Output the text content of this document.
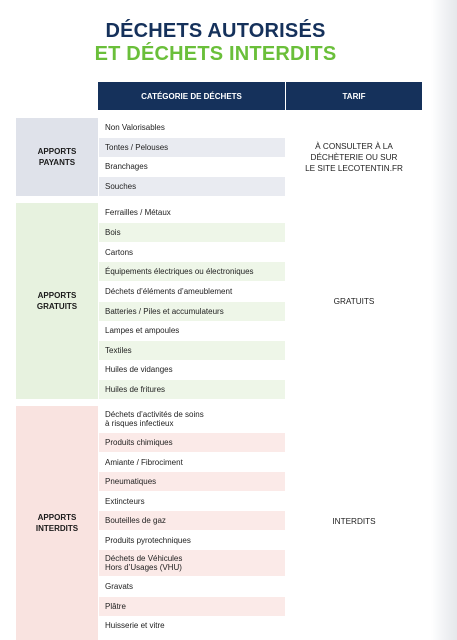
DÉCHETS AUTORISÉS
ET DÉCHETS INTERDITS
CATÉGORIE DE DÉCHETS	TARIF
APPORTS
PAYANTS
Non Valorisables
Tontes / Pelouses
Branchages
Souches
À CONSULTER À LA
DÉCHÈTERIE OU SUR
LE SITE LECOTENTIN.FR
APPORTS
GRATUITS
Ferrailles / Métaux
Bois
Cartons
Équipements électriques ou électroniques
Déchets d’éléments d’ameublement
Batteries / Piles et accumulateurs
Lampes et ampoules
Textiles
Huiles de vidanges
Huiles de fritures
GRATUITS
APPORTS
INTERDITS
Déchets d’activités de soins
à risques infectieux
Produits chimiques
Amiante / Fibrociment
Pneumatiques
Extincteurs
Bouteilles de gaz
Produits pyrotechniques
Déchets de Véhicules
Hors d’Usages (VHU)
Gravats
Plâtre
Huisserie et vitre
INTERDITS
